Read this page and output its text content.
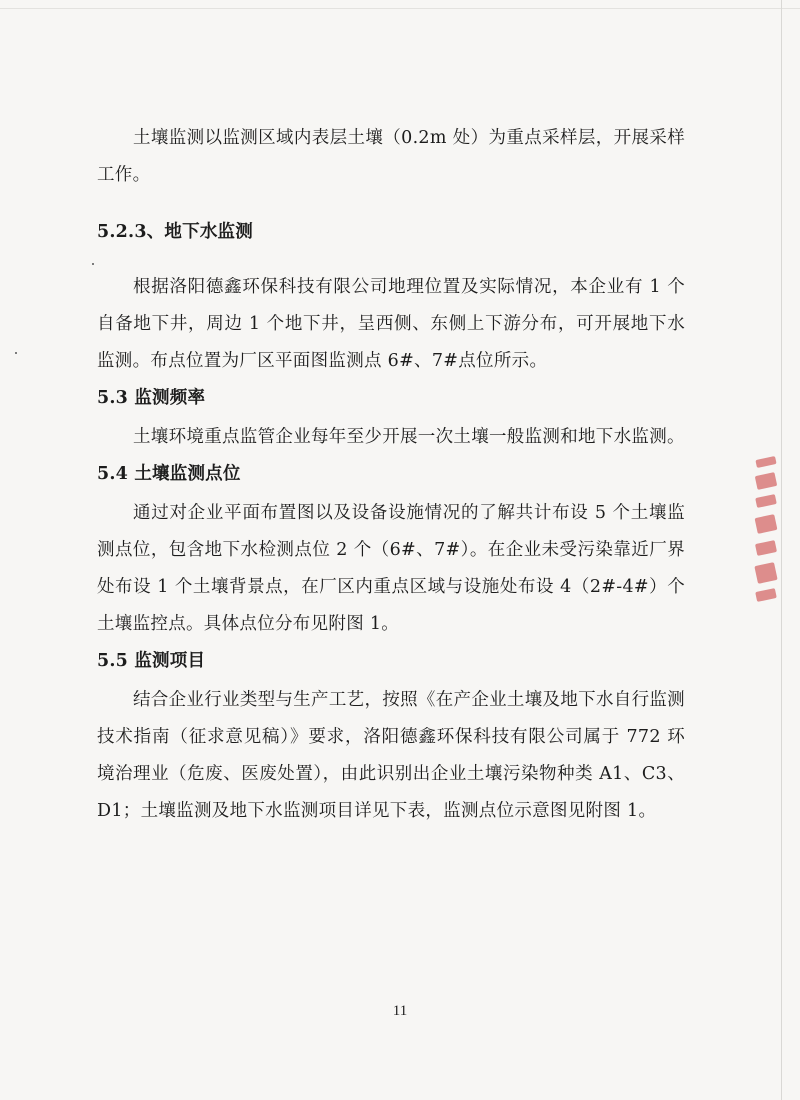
土壤监测以监测区域内表层土壤（0.2m 处）为重点采样层，开展采样工作。

5.2.3、地下水监测

根据洛阳德鑫环保科技有限公司地理位置及实际情况，本企业有 1 个自备地下井，周边 1 个地下井，呈西侧、东侧上下游分布，可开展地下水监测。布点位置为厂区平面图监测点 6#、7#点位所示。

5.3 监测频率

土壤环境重点监管企业每年至少开展一次土壤一般监测和地下水监测。

5.4 土壤监测点位

通过对企业平面布置图以及设备设施情况的了解共计布设 5 个土壤监测点位，包含地下水检测点位 2 个（6#、7#）。在企业未受污染靠近厂界处布设 1 个土壤背景点，在厂区内重点区域与设施处布设 4（2#-4#）个土壤监控点。具体点位分布见附图 1。

5.5 监测项目

结合企业行业类型与生产工艺，按照《在产企业土壤及地下水自行监测技术指南（征求意见稿）》要求，洛阳德鑫环保科技有限公司属于 772 环境治理业（危废、医废处置），由此识别出企业土壤污染物种类 A1、C3、D1；土壤监测及地下水监测项目详见下表，监测点位示意图见附图 1。

11
